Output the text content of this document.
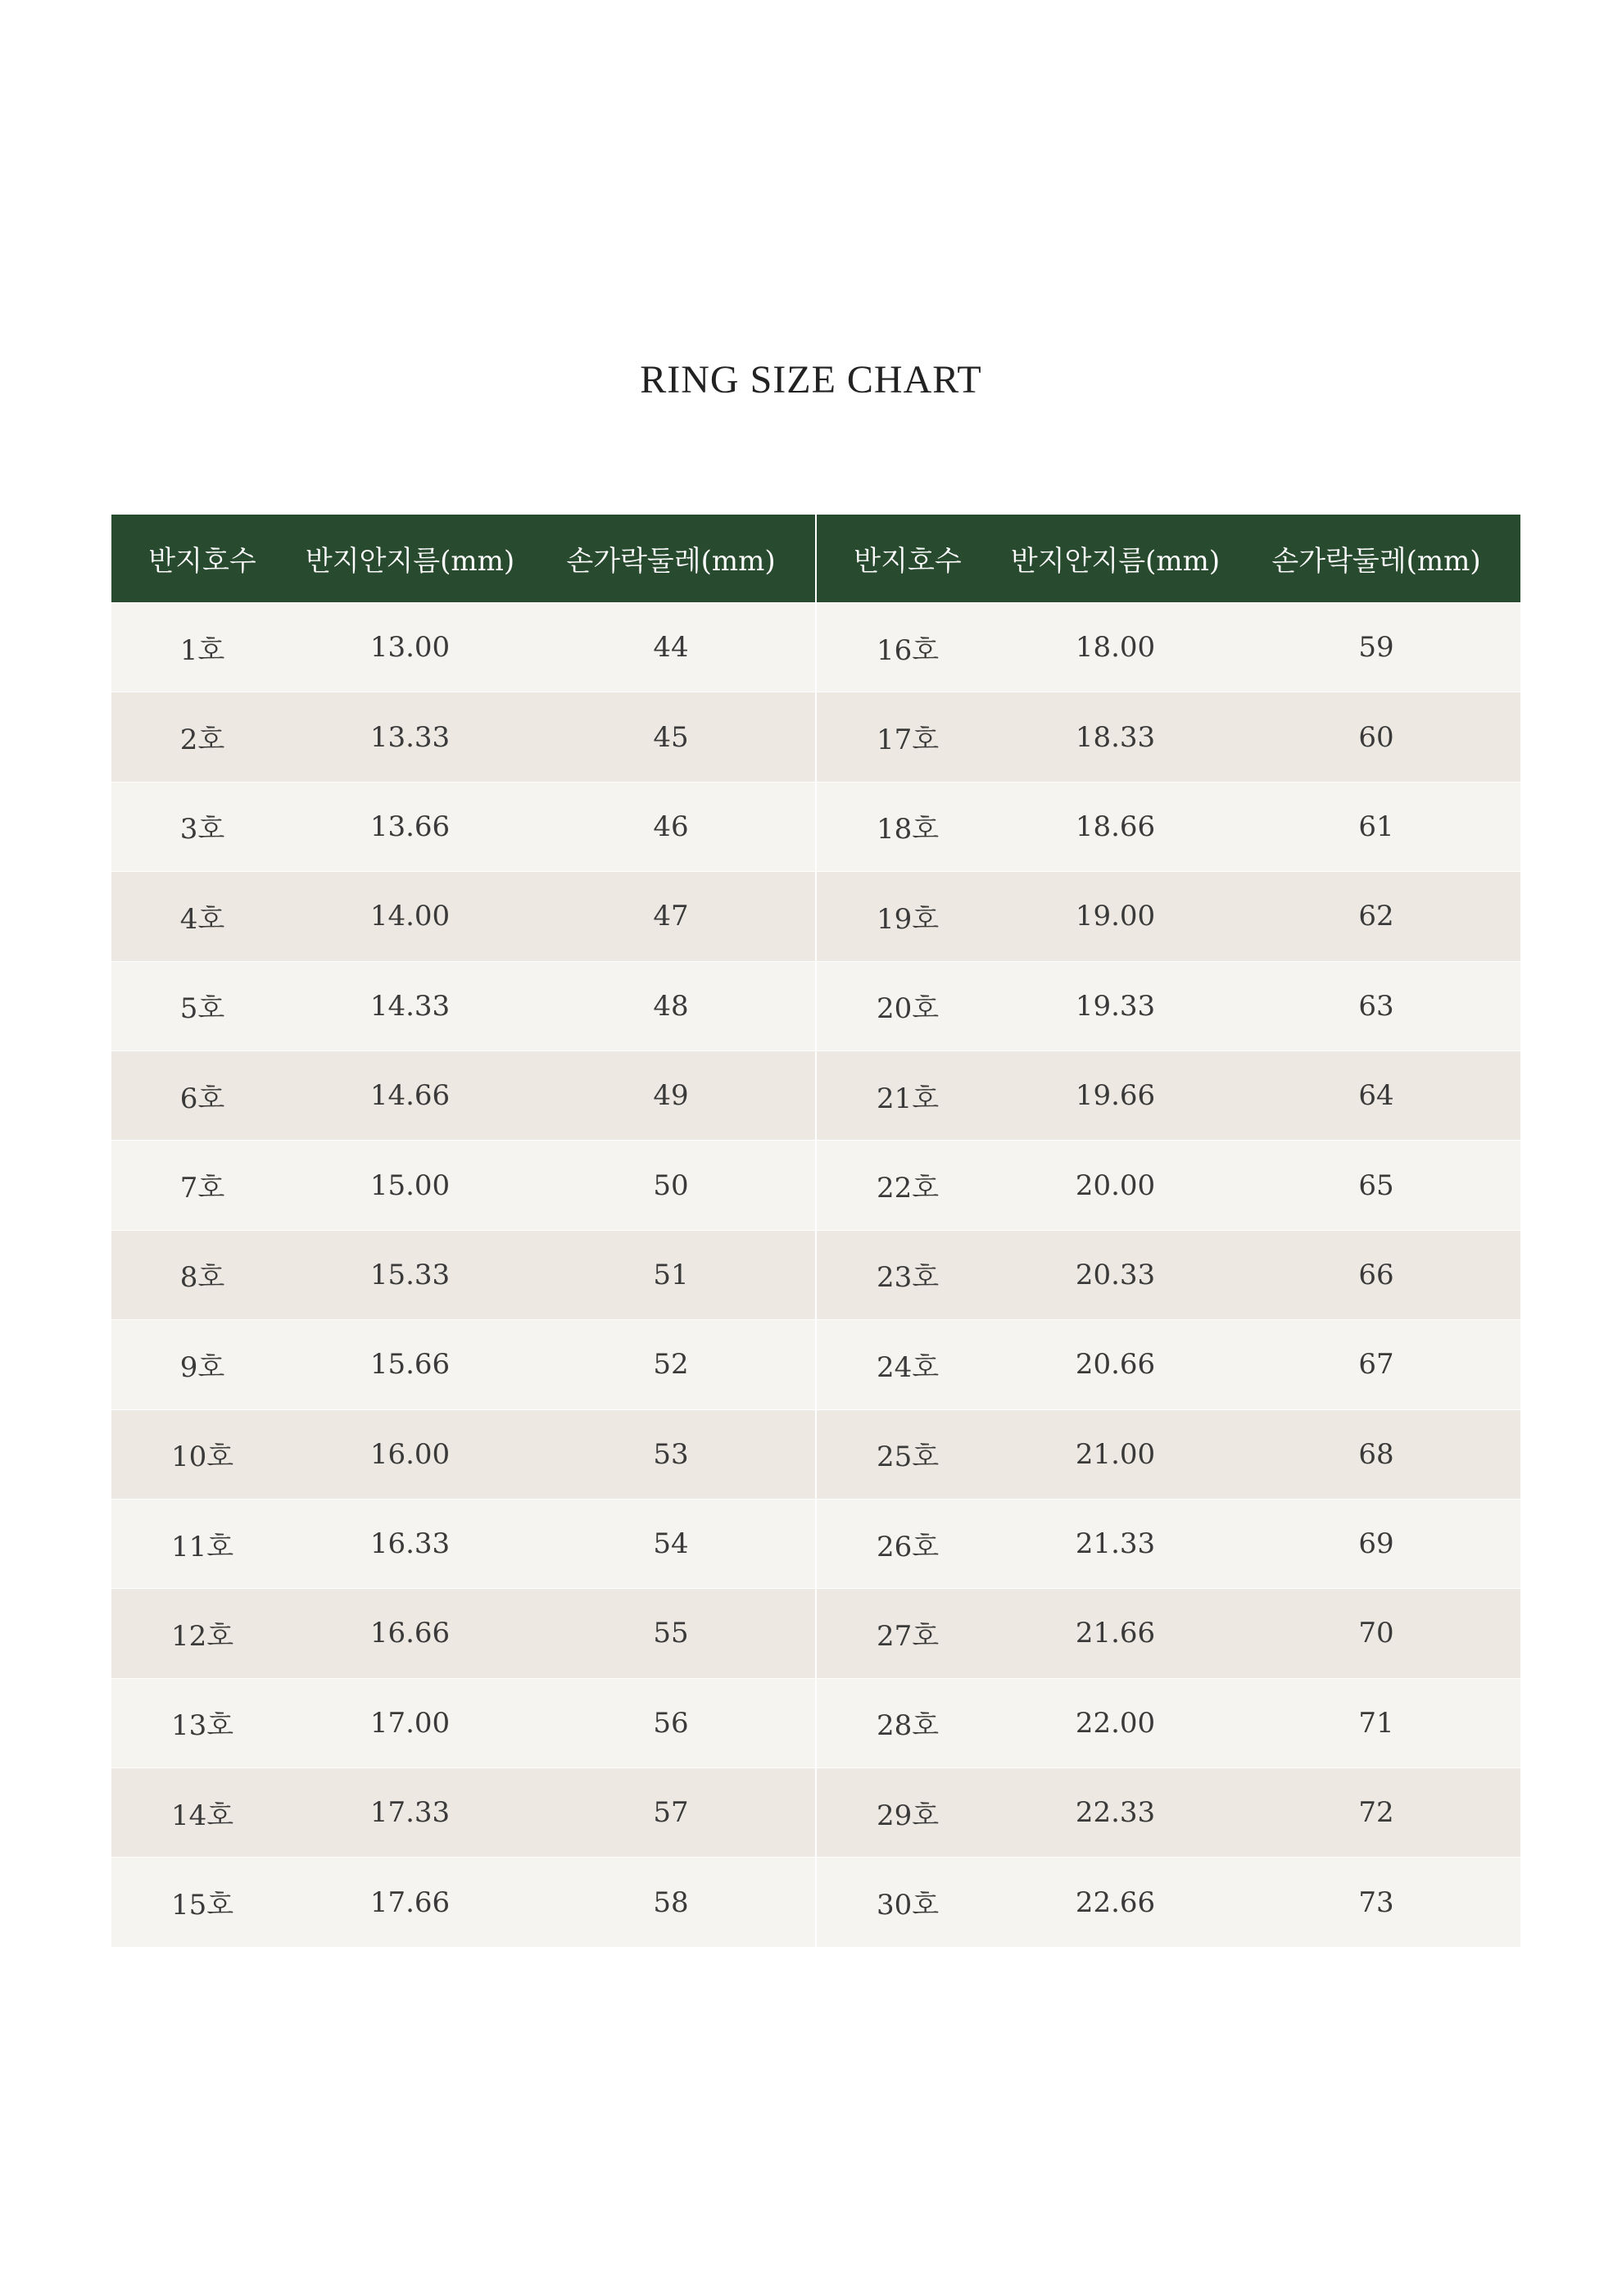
RING SIZE CHART
반지호수	반지안지름(mm)	손가락둘레(mm)
1호	13.00	44
2호	13.33	45
3호	13.66	46
4호	14.00	47
5호	14.33	48
6호	14.66	49
7호	15.00	50
8호	15.33	51
9호	15.66	52
10호	16.00	53
11호	16.33	54
12호	16.66	55
13호	17.00	56
14호	17.33	57
15호	17.66	58
반지호수	반지안지름(mm)	손가락둘레(mm)
16호	18.00	59
17호	18.33	60
18호	18.66	61
19호	19.00	62
20호	19.33	63
21호	19.66	64
22호	20.00	65
23호	20.33	66
24호	20.66	67
25호	21.00	68
26호	21.33	69
27호	21.66	70
28호	22.00	71
29호	22.33	72
30호	22.66	73
